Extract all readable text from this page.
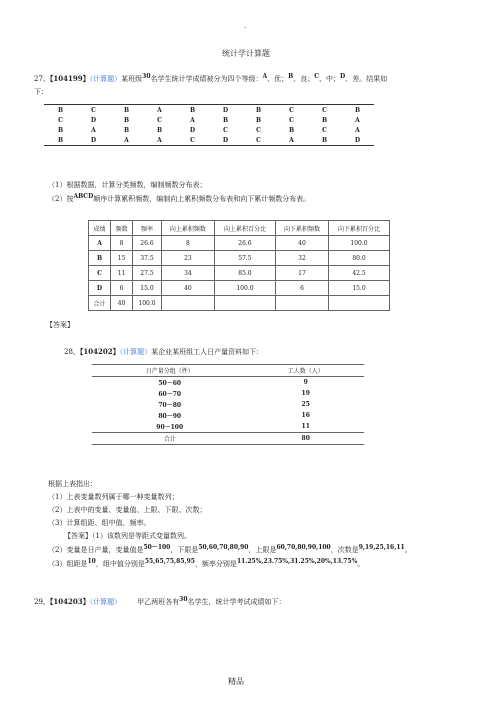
.
统计学计算题
27、【104199】（计算题）某班级30名学生统计学成绩被分为四个等级：A、优；B、良；C、中；D、差。结果如
下：
B	C	B	A	B	D	B	C	C	B
C	D	B	C	A	B	B	C	B	A
B	A	B	B	D	C	C	B	C	A
B	D	A	A	C	D	C	A	B	D
（1）根据数据，计算分类频数，编制频数分布表；
（2）按ABCD顺序计算累积频数，编制向上累积频数分布表和向下累计频数分布表。
成绩	频数	频率	向上累积频数	向上累积百分比	向下累积频数	向下累积百分比
A	8	26.6	8	26.6	40	100.0
B	15	37.5	23	57.5	32	80.0
C	11	27.5	34	85.0	17	42.5
D	6	15.0	40	100.0	6	15.0
合计	40	100.0				
【答案】
28、【104202】（计算题）某企业某班组工人日产量资料如下：
日产量分组（件）	工人数（人）
50－60	9
60－70	19
70－80	25
80－90	16
90－100	11
合计	80
根据上表指出：
（1）上表变量数列属于哪一种变量数列；
（2）上表中的变量、变量值、上限、下限、次数；
（3）计算组距、组中值、频率。
【答案】（1）该数列是等距式变量数列。
（2）变量是日产量，变量值是50～100，下限是50,60,70,80,90，上限是60,70,80,90,100，次数是9,19,25,16,11。
（3）组距是10，组中值分别是55,65,75,85,95，频率分别是11.25%,23.75%,31.25%,20%,13.75%。
29、【104203】（计算题） 甲乙两班各有30名学生，统计学考试成绩如下：
精品
